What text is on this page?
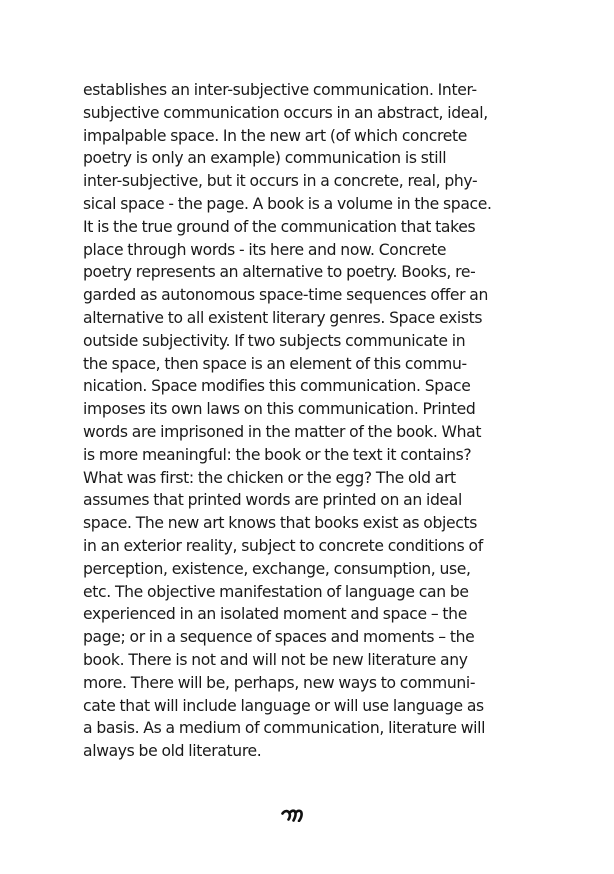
establishes an inter-subjective communication. Inter-
subjective communication occurs in an abstract, ideal,
impalpable space. In the new art (of which concrete
poetry is only an example) communication is still
inter-subjective, but it occurs in a concrete, real, phy-
sical space - the page. A book is a volume in the space.
It is the true ground of the communication that takes
place through words - its here and now. Concrete
poetry represents an alternative to poetry. Books, re-
garded as autonomous space-time sequences offer an
alternative to all existent literary genres. Space exists
outside subjectivity. If two subjects communicate in
the space, then space is an element of this commu-
nication. Space modifies this communication. Space
imposes its own laws on this communication. Printed
words are imprisoned in the matter of the book. What
is more meaningful: the book or the text it contains?
What was first: the chicken or the egg? The old art
assumes that printed words are printed on an ideal
space. The new art knows that books exist as objects
in an exterior reality, subject to concrete conditions of
perception, existence, exchange, consumption, use,
etc. The objective manifestation of language can be
experienced in an isolated moment and space – the
page; or in a sequence of spaces and moments – the
book. There is not and will not be new literature any
more. There will be, perhaps, new ways to communi-
cate that will include language or will use language as
a basis. As a medium of communication, literature will
always be old literature.
